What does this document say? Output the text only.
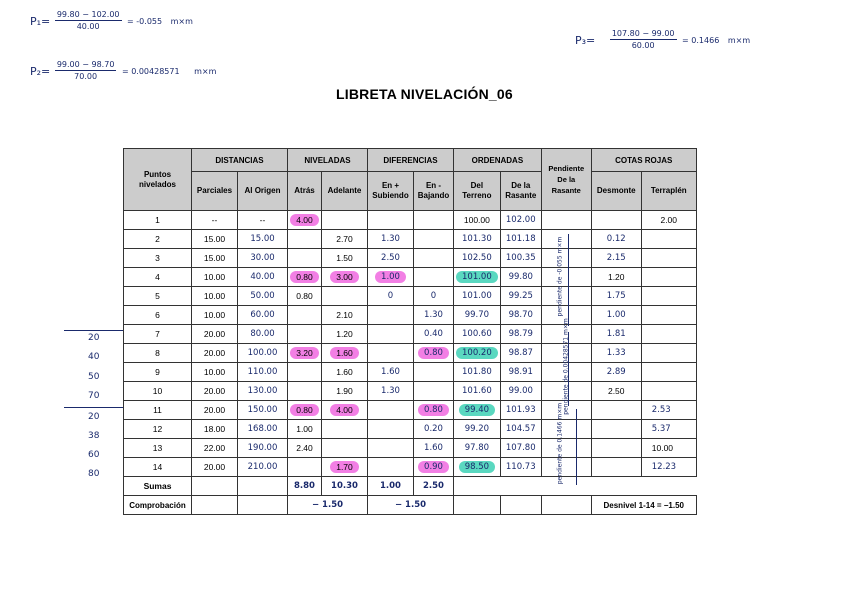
$P_1= \frac{99.80 - 102.00}{40.00} = -0.055$ m×m
$P_2= \frac{99.00 - 98.70}{70.00} = 0.00428571$ m×m
$P_3= \frac{107.80 - 99.00}{60.00} = 0.1466$ m×m
LIBRETA NIVELACIÓN_06
20
40
50
70
20
38
60
80
Puntos nivelados	DISTANCIAS		NIVELADAS		DIFERENCIAS		ORDENADAS		Pendiente De la Rasante	COTAS ROJAS	
	Parciales	Al Origen	Atrás	Adelante	En + Subiendo	En - Bajando	Del Terreno	De la Rasante		Desmonte	Terraplén
1	--	--	4.00				100.00	102.00			2.00
2	15.00	15.00		2.70	1.30		101.30	101.18		0.12	
3	15.00	30.00		1.50	2.50		102.50	100.35		2.15	
4	10.00	40.00	0.80	3.00	1.00		101.00	99.80		1.20	
5	10.00	50.00	0.80		0	0	101.00	99.25		1.75	
6	10.00	60.00		2.10		1.30	99.70	98.70		1.00	
7	20.00	80.00		1.20		0.40	100.60	98.79		1.81	
8	20.00	100.00	3.20	1.60		0.80	100.20	98.87		1.33	
9	10.00	110.00		1.60	1.60		101.80	98.91		2.89	
10	20.00	130.00		1.90	1.30		101.60	99.00		2.50	
11	20.00	150.00	0.80	4.00		0.80	99.40	101.93			2.53
12	18.00	168.00	1.00			0.20	99.20	104.57			5.37
13	22.00	190.00	2.40			1.60	97.80	107.80			10.00
14	20.00	210.00		1.70		0.90	98.50	110.73			12.23
Sumas			8.80	10.30	1.00	2.50					
Comprobación			− 1.50		− 1.50					Desnivel 1-14 = −1.50	
pendiente de -0.055 m×m
pendiente de 0.00428571 m×m
pendiente de 0.1466 m×m
